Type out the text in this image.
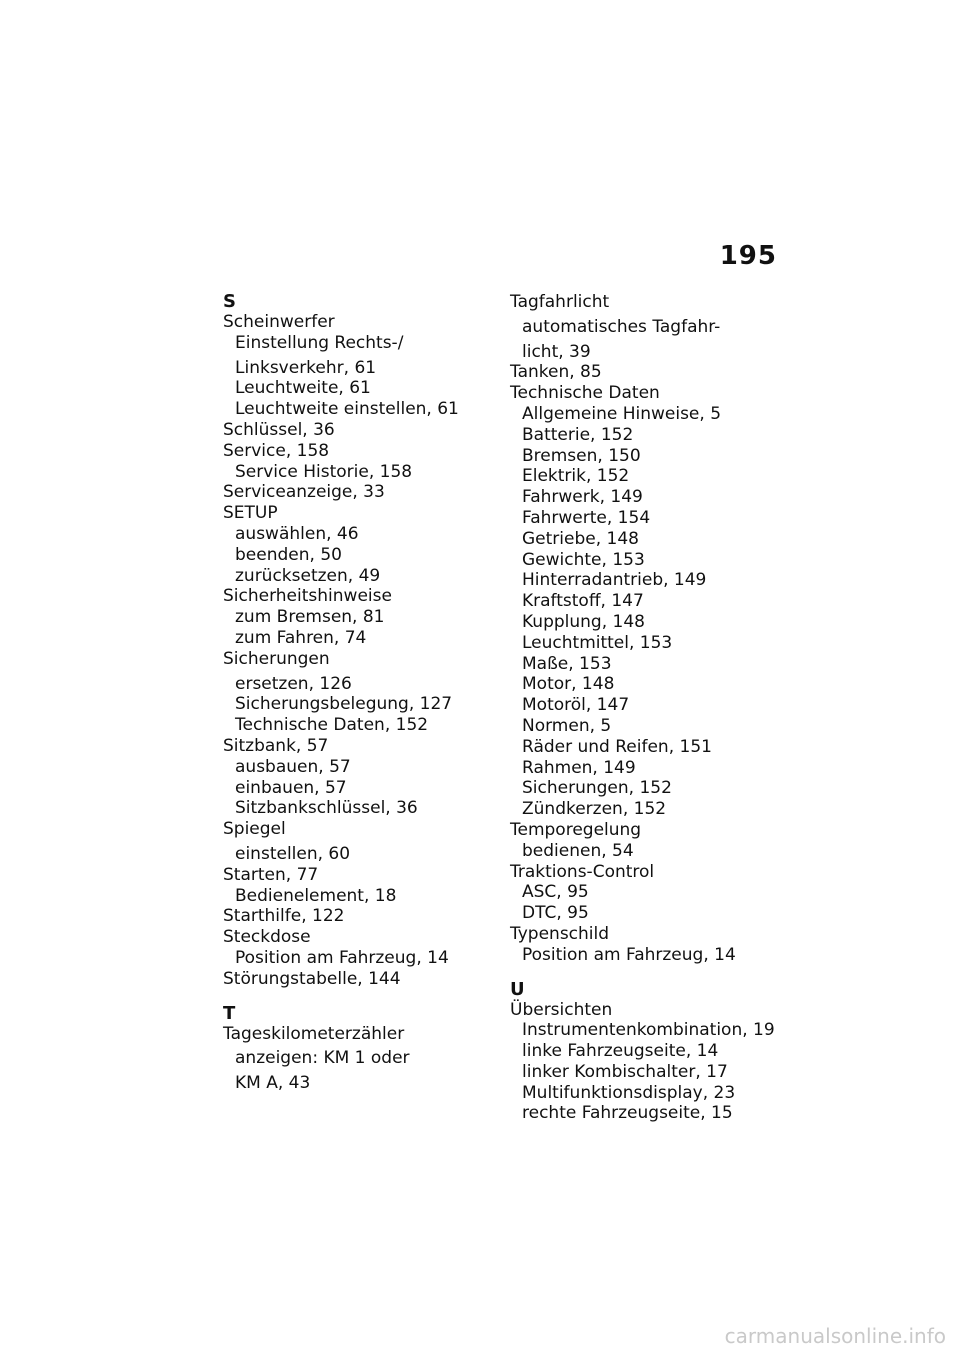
195
S
Scheinwerfer
Einstellung Rechts-/
Linksverkehr, 61
Leuchtweite, 61
Leuchtweite einstellen, 61
Schlüssel, 36
Service, 158
Service Historie, 158
Serviceanzeige, 33
SETUP
auswählen, 46
beenden, 50
zurücksetzen, 49
Sicherheitshinweise
zum Bremsen, 81
zum Fahren, 74
Sicherungen
ersetzen, 126
Sicherungsbelegung, 127
Technische Daten, 152
Sitzbank, 57
ausbauen, 57
einbauen, 57
Sitzbankschlüssel, 36
Spiegel
einstellen, 60
Starten, 77
Bedienelement, 18
Starthilfe, 122
Steckdose
Position am Fahrzeug, 14
Störungstabelle, 144
T
Tageskilometerzähler
anzeigen: KM 1 oder
KM A, 43
Tagfahrlicht
automatisches Tagfahr-
licht, 39
Tanken, 85
Technische Daten
Allgemeine Hinweise, 5
Batterie, 152
Bremsen, 150
Elektrik, 152
Fahrwerk, 149
Fahrwerte, 154
Getriebe, 148
Gewichte, 153
Hinterradantrieb, 149
Kraftstoff, 147
Kupplung, 148
Leuchtmittel, 153
Maße, 153
Motor, 148
Motoröl, 147
Normen, 5
Räder und Reifen, 151
Rahmen, 149
Sicherungen, 152
Zündkerzen, 152
Temporegelung
bedienen, 54
Traktions-Control
ASC, 95
DTC, 95
Typenschild
Position am Fahrzeug, 14
U
Übersichten
Instrumentenkombination, 19
linke Fahrzeugseite, 14
linker Kombischalter, 17
Multifunktionsdisplay, 23
rechte Fahrzeugseite, 15
carmanualsonline.info
